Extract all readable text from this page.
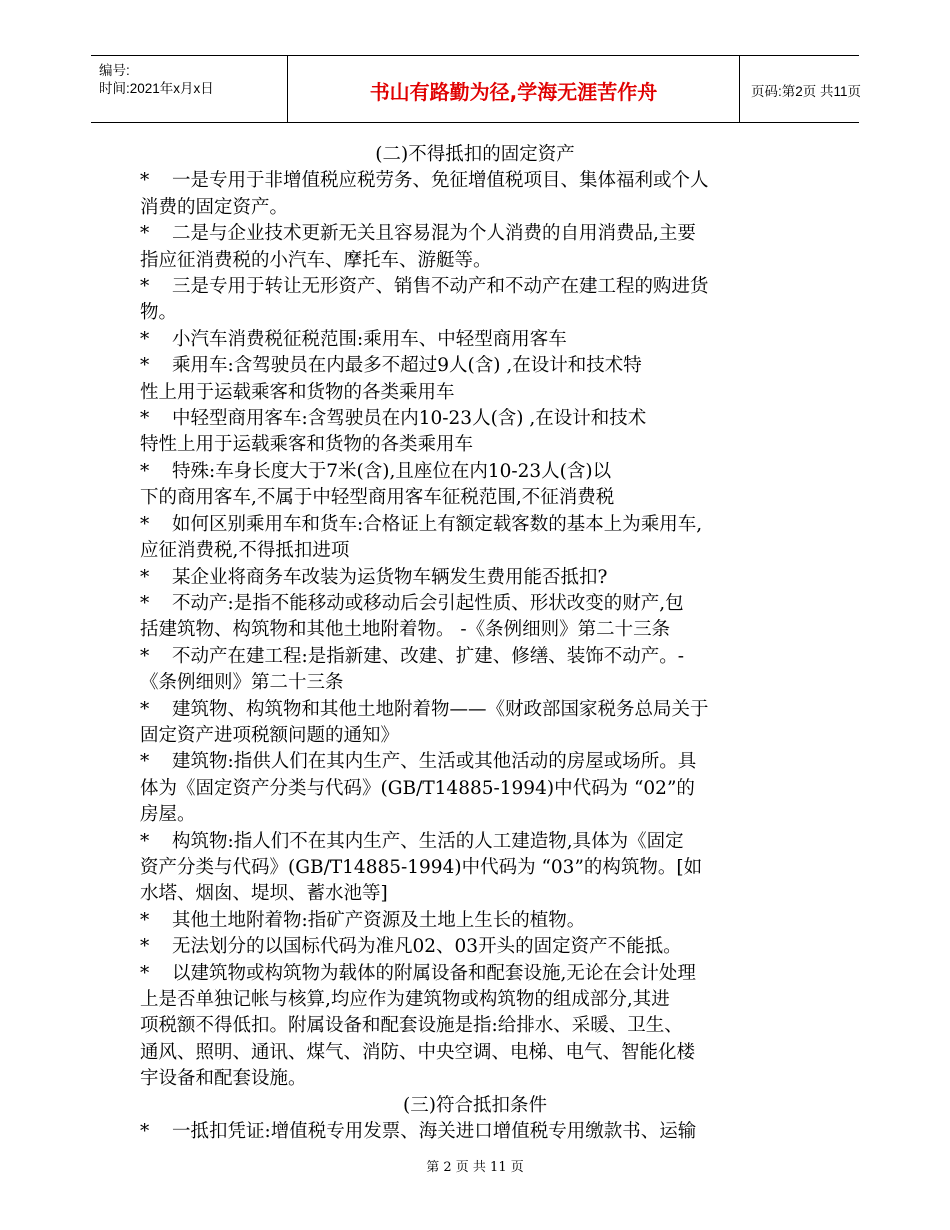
编号:
时间:2021年x月x日	书山有路勤为径,学海无涯苦作舟	页码:第2页 共11页
(二)不得抵扣的固定资产
*	一是专用于非增值税应税劳务、免征增值税项目、集体福利或个人
消费的固定资产。
*	二是与企业技术更新无关且容易混为个人消费的自用消费品,主要
指应征消费税的小汽车、摩托车、游艇等。
*	三是专用于转让无形资产、销售不动产和不动产在建工程的购进货
物。
*	小汽车消费税征税范围:乘用车、中轻型商用客车
*	乘用车:含驾驶员在内最多不超过9人(含) ,在设计和技术特
性上用于运载乘客和货物的各类乘用车
*	中轻型商用客车:含驾驶员在内10-23人(含) ,在设计和技术
特性上用于运载乘客和货物的各类乘用车
*	特殊:车身长度大于7米(含),且座位在内10-23人(含)以
下的商用客车,不属于中轻型商用客车征税范围,不征消费税
*	如何区别乘用车和货车:合格证上有额定载客数的基本上为乘用车,
应征消费税,不得抵扣进项
*	某企业将商务车改装为运货物车辆发生费用能否抵扣?
*	不动产:是指不能移动或移动后会引起性质、形状改变的财产,包
括建筑物、构筑物和其他土地附着物。 -《条例细则》第二十三条
*	不动产在建工程:是指新建、改建、扩建、修缮、装饰不动产。-
《条例细则》第二十三条
*	建筑物、构筑物和其他土地附着物——《财政部国家税务总局关于
固定资产进项税额问题的通知》
*	建筑物:指供人们在其内生产、生活或其他活动的房屋或场所。具
体为《固定资产分类与代码》(GB/T14885-1994)中代码为 “02”的
房屋。
*	构筑物:指人们不在其内生产、生活的人工建造物,具体为《固定
资产分类与代码》(GB/T14885-1994)中代码为 “03”的构筑物。[如
水塔、烟囱、堤坝、蓄水池等]
*	其他土地附着物:指矿产资源及土地上生长的植物。
*	无法划分的以国标代码为准凡02、03开头的固定资产不能抵。
*	以建筑物或构筑物为载体的附属设备和配套设施,无论在会计处理
上是否单独记帐与核算,均应作为建筑物或构筑物的组成部分,其进
项税额不得低扣。附属设备和配套设施是指:给排水、采暖、卫生、
通风、照明、通讯、煤气、消防、中央空调、电梯、电气、智能化楼
宇设备和配套设施。
(三)符合抵扣条件
*	一抵扣凭证:增值税专用发票、海关进口增值税专用缴款书、运输
第 2 页 共 11 页
